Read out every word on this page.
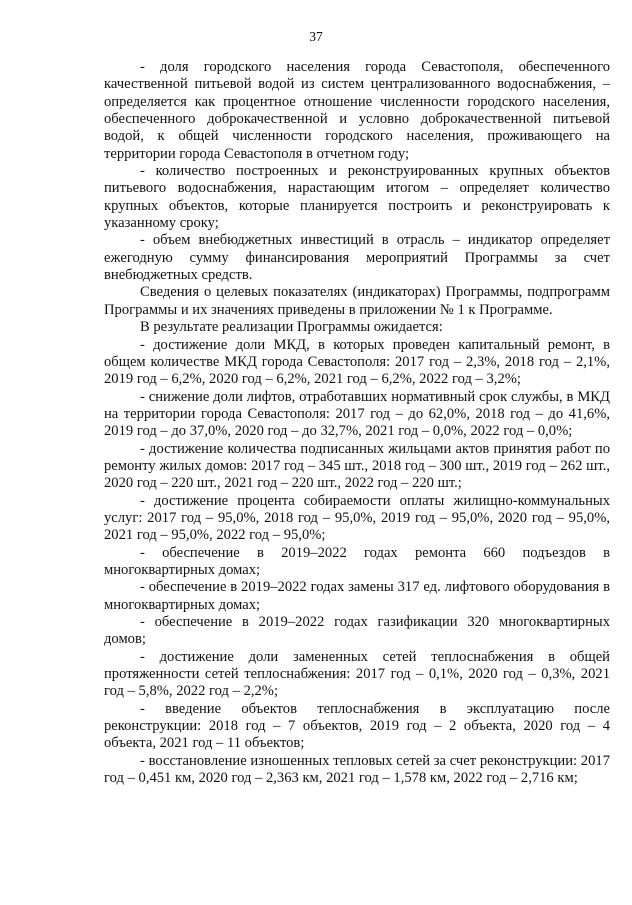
37

- доля городского населения города Севастополя, обеспеченного качественной питьевой водой из систем централизованного водоснабжения, – определяется как процентное отношение численности городского населения, обеспеченного доброкачественной и условно доброкачественной питьевой водой, к общей численности городского населения, проживающего на территории города Севастополя в отчетном году;

- количество построенных и реконструированных крупных объектов питьевого водоснабжения, нарастающим итогом – определяет количество крупных объектов, которые планируется построить и реконструировать к указанному сроку;

- объем внебюджетных инвестиций в отрасль – индикатор определяет ежегодную сумму финансирования мероприятий Программы за счет внебюджетных средств.

Сведения о целевых показателях (индикаторах) Программы, подпрограмм Программы и их значениях приведены в приложении № 1 к Программе.

В результате реализации Программы ожидается:

- достижение доли МКД, в которых проведен капитальный ремонт, в общем количестве МКД города Севастополя: 2017 год – 2,3%, 2018 год – 2,1%, 2019 год – 6,2%, 2020 год – 6,2%, 2021 год – 6,2%, 2022 год – 3,2%;

- снижение доли лифтов, отработавших нормативный срок службы, в МКД на территории города Севастополя: 2017 год – до 62,0%, 2018 год – до 41,6%, 2019 год – до 37,0%, 2020 год – до 32,7%, 2021 год – 0,0%, 2022 год – 0,0%;

- достижение количества подписанных жильцами актов принятия работ по ремонту жилых домов: 2017 год – 345 шт., 2018 год – 300 шт., 2019 год – 262 шт., 2020 год – 220 шт., 2021 год – 220 шт., 2022 год – 220 шт.;

- достижение процента собираемости оплаты жилищно-коммунальных услуг: 2017 год – 95,0%, 2018 год – 95,0%, 2019 год – 95,0%, 2020 год – 95,0%, 2021 год – 95,0%, 2022 год – 95,0%;

- обеспечение в 2019–2022 годах ремонта 660 подъездов в многоквартирных домах;

- обеспечение в 2019–2022 годах замены 317 ед. лифтового оборудования в многоквартирных домах;

- обеспечение в 2019–2022 годах газификации 320 многоквартирных домов;

- достижение доли замененных сетей теплоснабжения в общей протяженности сетей теплоснабжения: 2017 год – 0,1%, 2020 год – 0,3%, 2021 год – 5,8%, 2022 год – 2,2%;

- введение объектов теплоснабжения в эксплуатацию после реконструкции: 2018 год – 7 объектов, 2019 год – 2 объекта, 2020 год – 4 объекта, 2021 год – 11 объектов;

- восстановление изношенных тепловых сетей за счет реконструкции: 2017 год – 0,451 км, 2020 год – 2,363 км, 2021 год – 1,578 км, 2022 год – 2,716 км;
